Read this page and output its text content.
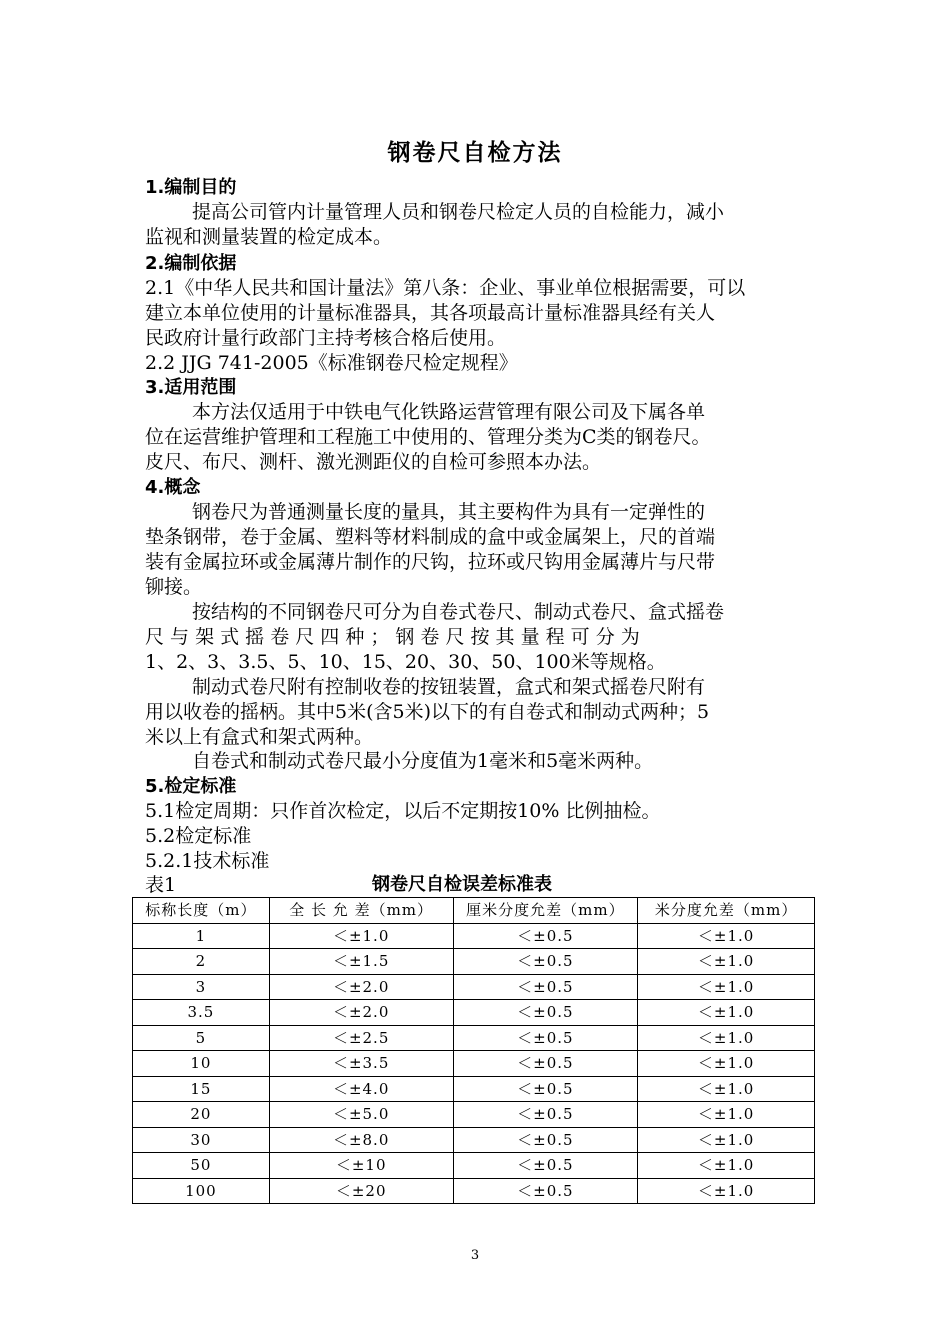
钢卷尺自检方法
1.编制目的
提高公司管内计量管理人员和钢卷尺检定人员的自检能力，减小
监视和测量装置的检定成本。
2.编制依据
2.1《中华人民共和国计量法》第八条：企业、事业单位根据需要，可以
建立本单位使用的计量标准器具，其各项最高计量标准器具经有关人
民政府计量行政部门主持考核合格后使用。
2.2 JJG 741-2005《标准钢卷尺检定规程》
3.适用范围
本方法仅适用于中铁电气化铁路运营管理有限公司及下属各单
位在运营维护管理和工程施工中使用的、管理分类为C类的钢卷尺。
皮尺、布尺、测杆、激光测距仪的自检可参照本办法。
4.概念
钢卷尺为普通测量长度的量具，其主要构件为具有一定弹性的
垫条钢带，卷于金属、塑料等材料制成的盒中或金属架上，尺的首端
装有金属拉环或金属薄片制作的尺钩，拉环或尺钩用金属薄片与尺带
铆接。
按结构的不同钢卷尺可分为自卷式卷尺、制动式卷尺、盒式摇卷
尺 与 架 式 摇 卷 尺 四 种 ； 钢 卷 尺 按 其 量 程 可 分 为
1、2、3、3.5、5、10、15、20、30、50、100米等规格。
制动式卷尺附有控制收卷的按钮装置，盒式和架式摇卷尺附有
用以收卷的摇柄。其中5米(含5米)以下的有自卷式和制动式两种；5
米以上有盒式和架式两种。
自卷式和制动式卷尺最小分度值为1毫米和5毫米两种。
5.检定标准
5.1检定周期：只作首次检定，以后不定期按10% 比例抽检。
5.2检定标准
5.2.1技术标准
表1	钢卷尺自检误差标准表
标称长度（m）	全 长 允 差（mm）	厘米分度允差（mm）	米分度允差（mm）
1	＜±1.0	＜±0.5	＜±1.0
2	＜±1.5	＜±0.5	＜±1.0
3	＜±2.0	＜±0.5	＜±1.0
3.5	＜±2.0	＜±0.5	＜±1.0
5	＜±2.5	＜±0.5	＜±1.0
10	＜±3.5	＜±0.5	＜±1.0
15	＜±4.0	＜±0.5	＜±1.0
20	＜±5.0	＜±0.5	＜±1.0
30	＜±8.0	＜±0.5	＜±1.0
50	＜±10	＜±0.5	＜±1.0
100	＜±20	＜±0.5	＜±1.0
3
